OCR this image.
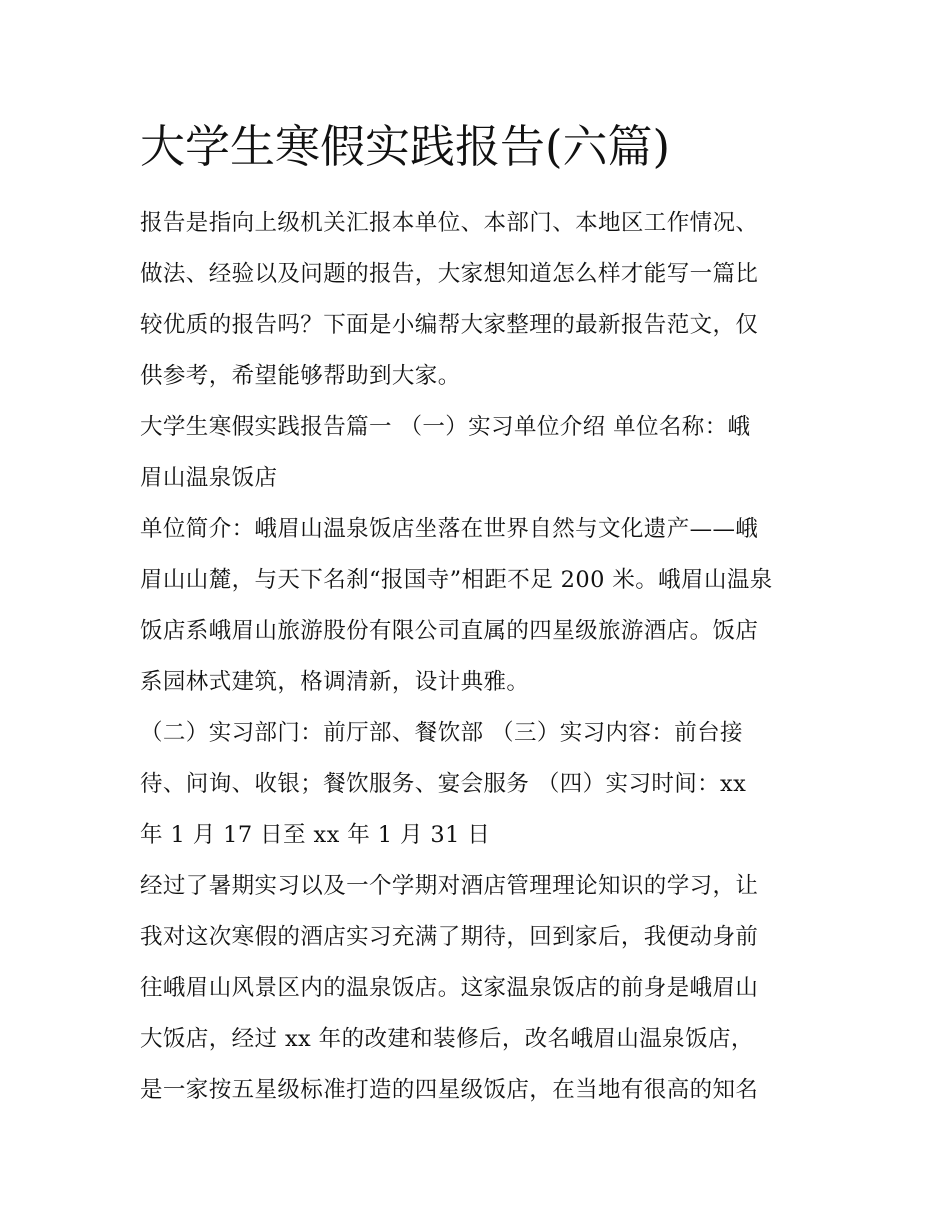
大学生寒假实践报告(六篇)

报告是指向上级机关汇报本单位、本部门、本地区工作情况、

做法、经验以及问题的报告，大家想知道怎么样才能写一篇比

较优质的报告吗？下面是小编帮大家整理的最新报告范文，仅

供参考，希望能够帮助到大家。

大学生寒假实践报告篇一 （一）实习单位介绍 单位名称：峨

眉山温泉饭店

单位简介：峨眉山温泉饭店坐落在世界自然与文化遗产——峨

眉山山麓，与天下名刹“报国寺”相距不足 200 米。峨眉山温泉

饭店系峨眉山旅游股份有限公司直属的四星级旅游酒店。饭店

系园林式建筑，格调清新，设计典雅。

（二）实习部门：前厅部、餐饮部 （三）实习内容：前台接

待、问询、收银；餐饮服务、宴会服务 （四）实习时间：xx

年 1 月 17 日至 xx 年 1 月 31 日

经过了暑期实习以及一个学期对酒店管理理论知识的学习，让

我对这次寒假的酒店实习充满了期待，回到家后，我便动身前

往峨眉山风景区内的温泉饭店。这家温泉饭店的前身是峨眉山

大饭店，经过 xx 年的改建和装修后，改名峨眉山温泉饭店，

是一家按五星级标准打造的四星级饭店，在当地有很高的知名
